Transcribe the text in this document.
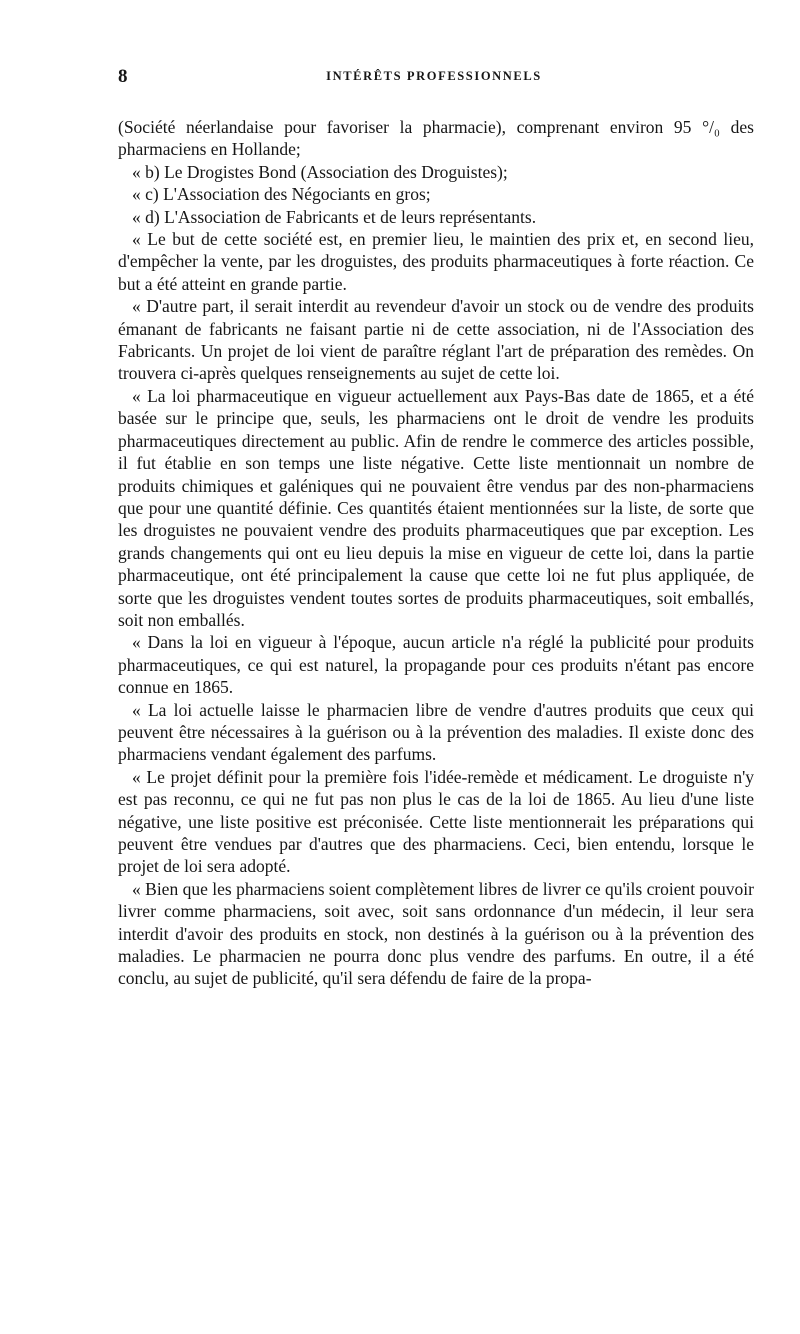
8	INTÉRÊTS PROFESSIONNELS

(Société néerlandaise pour favoriser la pharmacie), comprenant environ 95 °/₀ des pharmaciens en Hollande;

« b) Le Drogistes Bond (Association des Droguistes);

« c) L'Association des Négociants en gros;

« d) L'Association de Fabricants et de leurs représentants.

« Le but de cette société est, en premier lieu, le maintien des prix et, en second lieu, d'empêcher la vente, par les droguistes, des produits pharmaceutiques à forte réaction. Ce but a été atteint en grande partie.

« D'autre part, il serait interdit au revendeur d'avoir un stock ou de vendre des produits émanant de fabricants ne faisant partie ni de cette association, ni de l'Association des Fabricants. Un projet de loi vient de paraître réglant l'art de préparation des remèdes. On trouvera ci-après quelques renseignements au sujet de cette loi.

« La loi pharmaceutique en vigueur actuellement aux Pays-Bas date de 1865, et a été basée sur le principe que, seuls, les pharmaciens ont le droit de vendre les produits pharmaceutiques directement au public. Afin de rendre le commerce des articles possible, il fut établie en son temps une liste négative. Cette liste mentionnait un nombre de produits chimiques et galéniques qui ne pouvaient être vendus par des non-pharmaciens que pour une quantité définie. Ces quantités étaient mentionnées sur la liste, de sorte que les droguistes ne pouvaient vendre des produits pharmaceutiques que par exception. Les grands changements qui ont eu lieu depuis la mise en vigueur de cette loi, dans la partie pharmaceutique, ont été principalement la cause que cette loi ne fut plus appliquée, de sorte que les droguistes vendent toutes sortes de produits pharmaceutiques, soit emballés, soit non emballés.

« Dans la loi en vigueur à l'époque, aucun article n'a réglé la publicité pour produits pharmaceutiques, ce qui est naturel, la propagande pour ces produits n'étant pas encore connue en 1865.

« La loi actuelle laisse le pharmacien libre de vendre d'autres produits que ceux qui peuvent être nécessaires à la guérison ou à la prévention des maladies. Il existe donc des pharmaciens vendant également des parfums.

« Le projet définit pour la première fois l'idée-remède et médicament. Le droguiste n'y est pas reconnu, ce qui ne fut pas non plus le cas de la loi de 1865. Au lieu d'une liste négative, une liste positive est préconisée. Cette liste mentionnerait les préparations qui peuvent être vendues par d'autres que des pharmaciens. Ceci, bien entendu, lorsque le projet de loi sera adopté.

« Bien que les pharmaciens soient complètement libres de livrer ce qu'ils croient pouvoir livrer comme pharmaciens, soit avec, soit sans ordonnance d'un médecin, il leur sera interdit d'avoir des produits en stock, non destinés à la guérison ou à la prévention des maladies. Le pharmacien ne pourra donc plus vendre des parfums. En outre, il a été conclu, au sujet de publicité, qu'il sera défendu de faire de la propa-
